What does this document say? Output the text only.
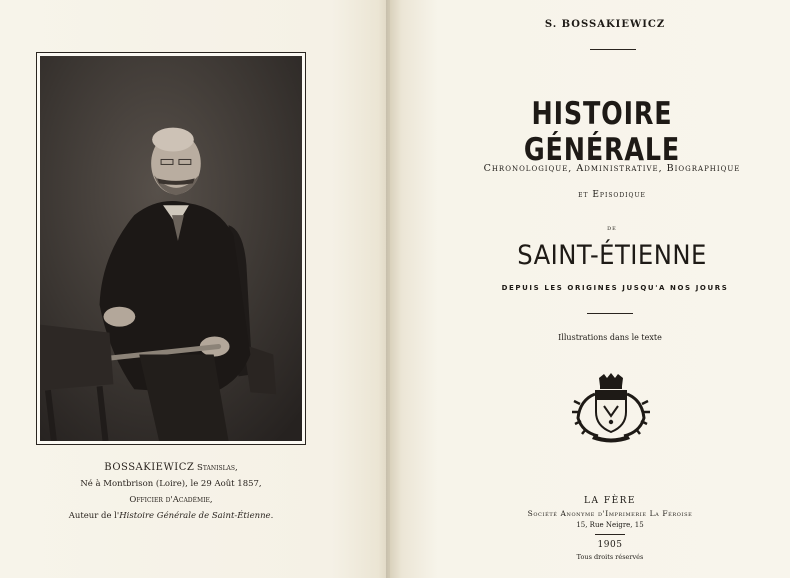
BOSSAKIEWICZ Stanislas,
Né à Montbrison (Loire), le 29 Août 1857,
Officier d'Académie,
Auteur de l'Histoire Générale de Saint-Étienne.
S. BOSSAKIEWICZ
HISTOIRE GÉNÉRALE
Chronologique, Administrative, Biographique
et Episodique
de
SAINT-ÉTIENNE
DEPUIS LES ORIGINES JUSQU'A NOS JOURS
Illustrations dans le texte
LA FÈRE
Société Anonyme d'Imprimerie La Féroise
15, Rue Neigre, 15
1905
Tous droits réservés
